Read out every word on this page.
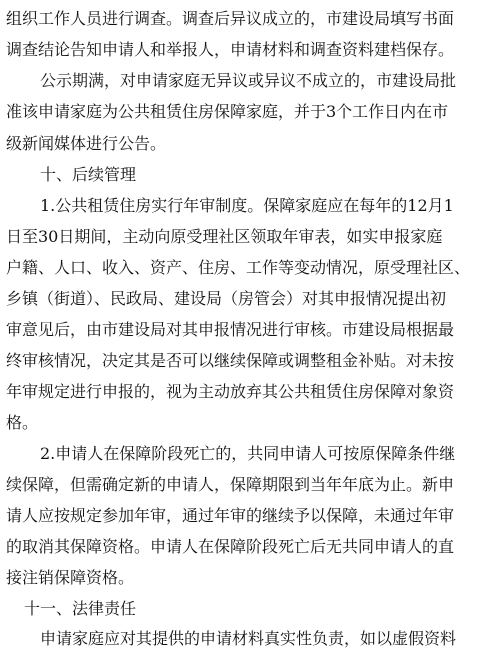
组织工作人员进行调查。调查后异议成立的，市建设局填写书面
调查结论告知申请人和举报人，申请材料和调查资料建档保存。
公示期满，对申请家庭无异议或异议不成立的，市建设局批
准该申请家庭为公共租赁住房保障家庭，并于3个工作日内在市
级新闻媒体进行公告。
十、后续管理
1.公共租赁住房实行年审制度。保障家庭应在每年的12月1
日至30日期间，主动向原受理社区领取年审表，如实申报家庭
户籍、人口、收入、资产、住房、工作等变动情况，原受理社区、
乡镇（街道）、民政局、建设局（房管会）对其申报情况提出初
审意见后，由市建设局对其申报情况进行审核。市建设局根据最
终审核情况，决定其是否可以继续保障或调整租金补贴。对未按
年审规定进行申报的，视为主动放弃其公共租赁住房保障对象资
格。
2.申请人在保障阶段死亡的，共同申请人可按原保障条件继
续保障，但需确定新的申请人，保障期限到当年年底为止。新申
请人应按规定参加年审，通过年审的继续予以保障，未通过年审
的取消其保障资格。申请人在保障阶段死亡后无共同申请人的直
接注销保障资格。
十一、法律责任
申请家庭应对其提供的申请材料真实性负责，如以虚假资料
